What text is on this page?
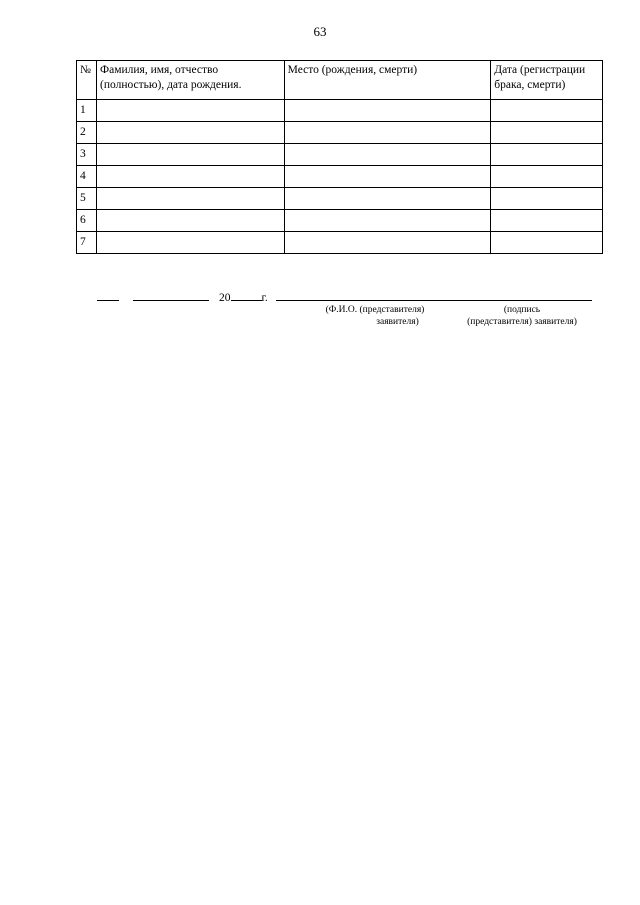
63
№	Фамилия, имя, отчество (полностью), дата рождения.	Место (рождения, смерти)	Дата (регистрации брака, смерти)
1			
2			
3			
4			
5			
6			
7			
20	г.
(Ф.И.О. (представителя)
заявителя)
(подпись
(представителя) заявителя)
